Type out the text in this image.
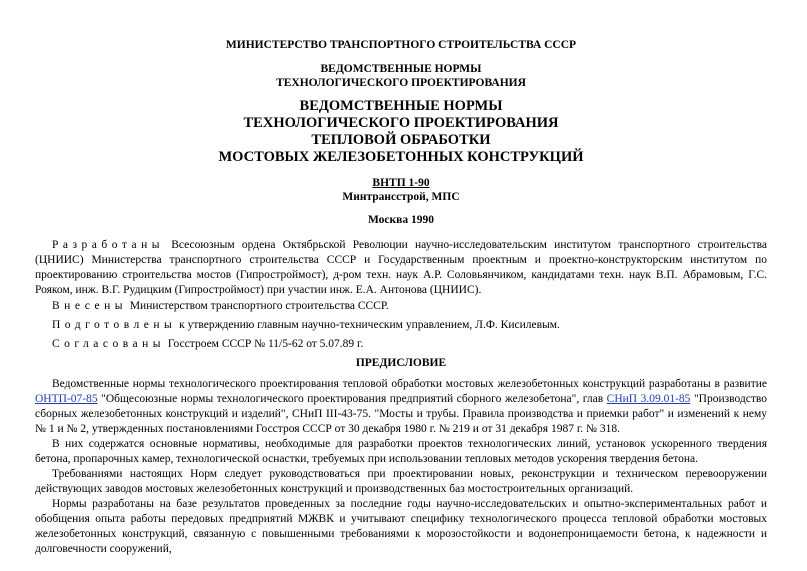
МИНИСТЕРСТВО ТРАНСПОРТНОГО СТРОИТЕЛЬСТВА СССР
ВЕДОМСТВЕННЫЕ НОРМЫ
ТЕХНОЛОГИЧЕСКОГО ПРОЕКТИРОВАНИЯ
ВЕДОМСТВЕННЫЕ НОРМЫ
ТЕХНОЛОГИЧЕСКОГО ПРОЕКТИРОВАНИЯ
ТЕПЛОВОЙ ОБРАБОТКИ
МОСТОВЫХ ЖЕЛЕЗОБЕТОННЫХ КОНСТРУКЦИЙ
ВНТП 1-90
Минтрансстрой, МПС
Москва 1990
Разработаны Всесоюзным ордена Октябрьской Революции научно-исследовательским институтом транспортного строительства (ЦНИИС) Министерства транспортного строительства СССР и Государственным проектным и проектно-конструкторским институтом по проектированию строительства мостов (Гипростроймост), д-ром техн. наук А.Р. Соловьянчиком, кандидатами техн. наук В.П. Абрамовым, Г.С. Рояком, инж. В.Г. Рудицким (Гипростроймост) при участии инж. Е.А. Антонова (ЦНИИС).
Внесены Министерством транспортного строительства СССР.
Подготовлены к утверждению главным научно-техническим управлением, Л.Ф. Кисилевым.
Согласованы Госстроем СССР № 11/5-62 от 5.07.89 г.
ПРЕДИСЛОВИЕ
Ведомственные нормы технологического проектирования тепловой обработки мостовых железобетонных конструкций разработаны в развитие ОНТП-07-85 "Общесоюзные нормы технологического проектирования предприятий сборного железобетона", глав СНиП 3.09.01-85 "Производство сборных железобетонных конструкций и изделий", СНиП III-43-75. "Мосты и трубы. Правила производства и приемки работ" и изменений к нему № 1 и № 2, утвержденных постановлениями Госстроя СССР от 30 декабря 1980 г. № 219 и от 31 декабря 1987 г. № 318.
В них содержатся основные нормативы, необходимые для разработки проектов технологических линий, установок ускоренного твердения бетона, пропарочных камер, технологической оснастки, требуемых при использовании тепловых методов ускорения твердения бетона.
Требованиями настоящих Норм следует руководствоваться при проектировании новых, реконструкции и техническом перевооружении действующих заводов мостовых железобетонных конструкций и производственных баз мостостроительных организаций.
Нормы разработаны на базе результатов проведенных за последние годы научно-исследовательских и опытно-экспериментальных работ и обобщения опыта работы передовых предприятий МЖВК и учитывают специфику технологического процесса тепловой обработки мостовых железобетонных конструкций, связанную с повышенными требованиями к морозостойкости и водонепроницаемости бетона, к надежности и долговечности сооружений,
